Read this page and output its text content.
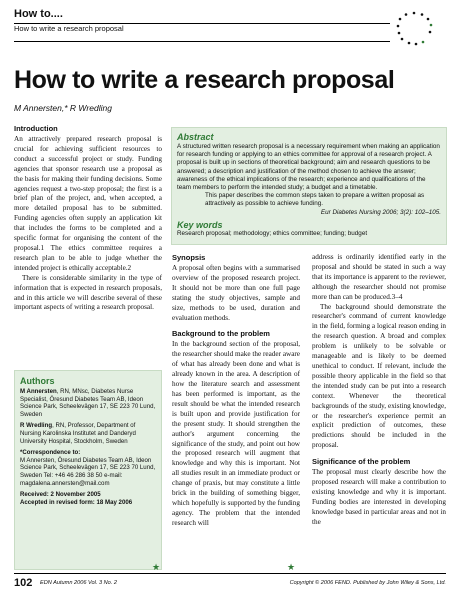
How to....
How to write a research proposal
How to write a research proposal
M Annersten,* R Wredling
Introduction

An attractively prepared research proposal is crucial for achieving sufficient resources to conduct a successful project or study. Funding agencies that sponsor research use a proposal as the basis for making their funding decisions. Some agencies request a two-step proposal; the first is a brief plan of the project, and, when accepted, a more detailed proposal has to be submitted. Funding agencies often supply an application kit that includes the forms to be completed and a specific format for organising the content of the proposal.1 The ethics committee requires a research plan to be able to judge whether the intended project is ethically acceptable.2

There is considerable similarity in the type of information that is expected in research proposals, and in this article we will describe several of these important aspects of writing a research proposal.

Abstract
A structured written research proposal is a necessary requirement when making an application for research funding or applying to an ethics committee for approval of a research project. A proposal is built up in sections of theoretical background; aim and research questions to be answered; a description and justification of the method chosen to achieve the answer; awareness of the ethical implications of the research; experience and qualifications of the team members to perform the intended study; a budget and a timetable.
This paper describes the common steps taken to prepare a written proposal as attractively as possible to achieve funding.
Eur Diabetes Nursing 2006; 3(2): 102–105.
Key words
Research proposal; methodology; ethics committee; funding; budget
Synopsis

A proposal often begins with a summarised overview of the proposed research project. It should not be more than one full page stating the study objectives, sample and size, methods to be used, duration and evaluation methods.

Background to the problem

In the background section of the proposal, the researcher should make the reader aware of what has already been done and what is already known in the area. A description of how the literature search and assessment has been performed is important, as the result should be what the intended research is built upon and provide justification for the present study. It should strengthen the author's argument concerning the significance of the study, and point out how the proposed research will augment that knowledge and why this is important. Not all studies result in an immediate product or change of praxis, but may constitute a little brick in the building of something bigger, which hopefully is supported by the funding agency. The problem that the intended research will

address is ordinarily identified early in the proposal and should be stated in such a way that its importance is apparent to the reviewer, although the researcher should not promise more than can be produced.3–4

The background should demonstrate the researcher's command of current knowledge in the field, forming a logical reason ending in the research question. A broad and complex problem is unlikely to be solvable or manageable and is likely to be deemed unethical to conduct. If relevant, include the possible theory applicable in the field so that the intended study can be put into a research context. Whenever the theoretical backgrounds of the study, existing knowledge, or the researcher's experience permit an explicit prediction of outcomes, these predictions should be included in the proposal.

Significance of the problem

The proposal must clearly describe how the proposed research will make a contribution to existing knowledge and why it is important. Funding bodies are interested in developing knowledge based in particular areas and not in the

Authors

M Annersten, RN, MNsc, Diabetes Nurse Specialist, Öresund Diabetes Team AB, Ideon Science Park, Scheelevägen 17, SE 223 70 Lund, Sweden

R Wredling, RN, Professor, Department of Nursing Karolinska Institutet and Danderyd University Hospital, Stockholm, Sweden

*Correspondence to:
M Annersten, Öresund Diabetes Team AB, Ideon Science Park, Scheelevägen 17, SE 223 70 Lund, Sweden Tel: +46 46 286 38 50 e-mail: magdalena.annersten@mail.com

Received: 2 November 2005
Accepted in revised form: 18 May 2006

★	★
102 EDN Autumn 2006 Vol. 3 No. 2	Copyright © 2006 FEND. Published by John Wiley & Sons, Ltd.
